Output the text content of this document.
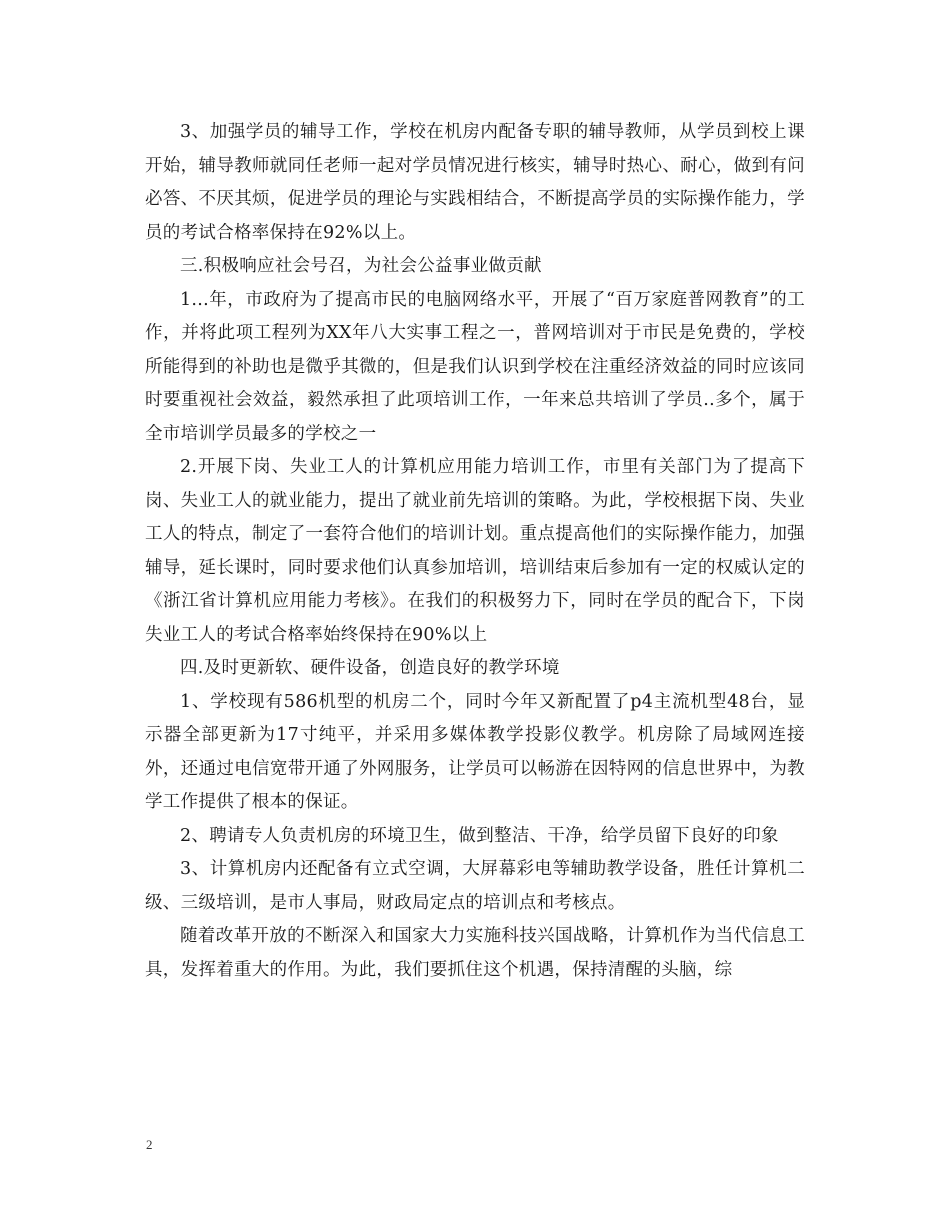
3、加强学员的辅导工作，学校在机房内配备专职的辅导教师，从学员到校上课开始，辅导教师就同任老师一起对学员情况进行核实，辅导时热心、耐心，做到有问必答、不厌其烦，促进学员的理论与实践相结合，不断提高学员的实际操作能力，学员的考试合格率保持在92%以上。

三.积极响应社会号召，为社会公益事业做贡献

1...年，市政府为了提高市民的电脑网络水平，开展了“百万家庭普网教育”的工作，并将此项工程列为XX年八大实事工程之一，普网培训对于市民是免费的，学校所能得到的补助也是微乎其微的，但是我们认识到学校在注重经济效益的同时应该同时要重视社会效益，毅然承担了此项培训工作，一年来总共培训了学员..多个，属于全市培训学员最多的学校之一

2.开展下岗、失业工人的计算机应用能力培训工作，市里有关部门为了提高下岗、失业工人的就业能力，提出了就业前先培训的策略。为此，学校根据下岗、失业工人的特点，制定了一套符合他们的培训计划。重点提高他们的实际操作能力，加强辅导，延长课时，同时要求他们认真参加培训，培训结束后参加有一定的权威认定的《浙江省计算机应用能力考核》。在我们的积极努力下，同时在学员的配合下，下岗失业工人的考试合格率始终保持在90%以上

四.及时更新软、硬件设备，创造良好的教学环境

1、学校现有586机型的机房二个，同时今年又新配置了p4主流机型48台，显示器全部更新为17寸纯平，并采用多媒体教学投影仪教学。机房除了局域网连接外，还通过电信宽带开通了外网服务，让学员可以畅游在因特网的信息世界中，为教学工作提供了根本的保证。

2、聘请专人负责机房的环境卫生，做到整洁、干净，给学员留下良好的印象

3、计算机房内还配备有立式空调，大屏幕彩电等辅助教学设备，胜任计算机二级、三级培训，是市人事局，财政局定点的培训点和考核点。

随着改革开放的不断深入和国家大力实施科技兴国战略，计算机作为当代信息工具，发挥着重大的作用。为此，我们要抓住这个机遇，保持清醒的头脑，综

2
